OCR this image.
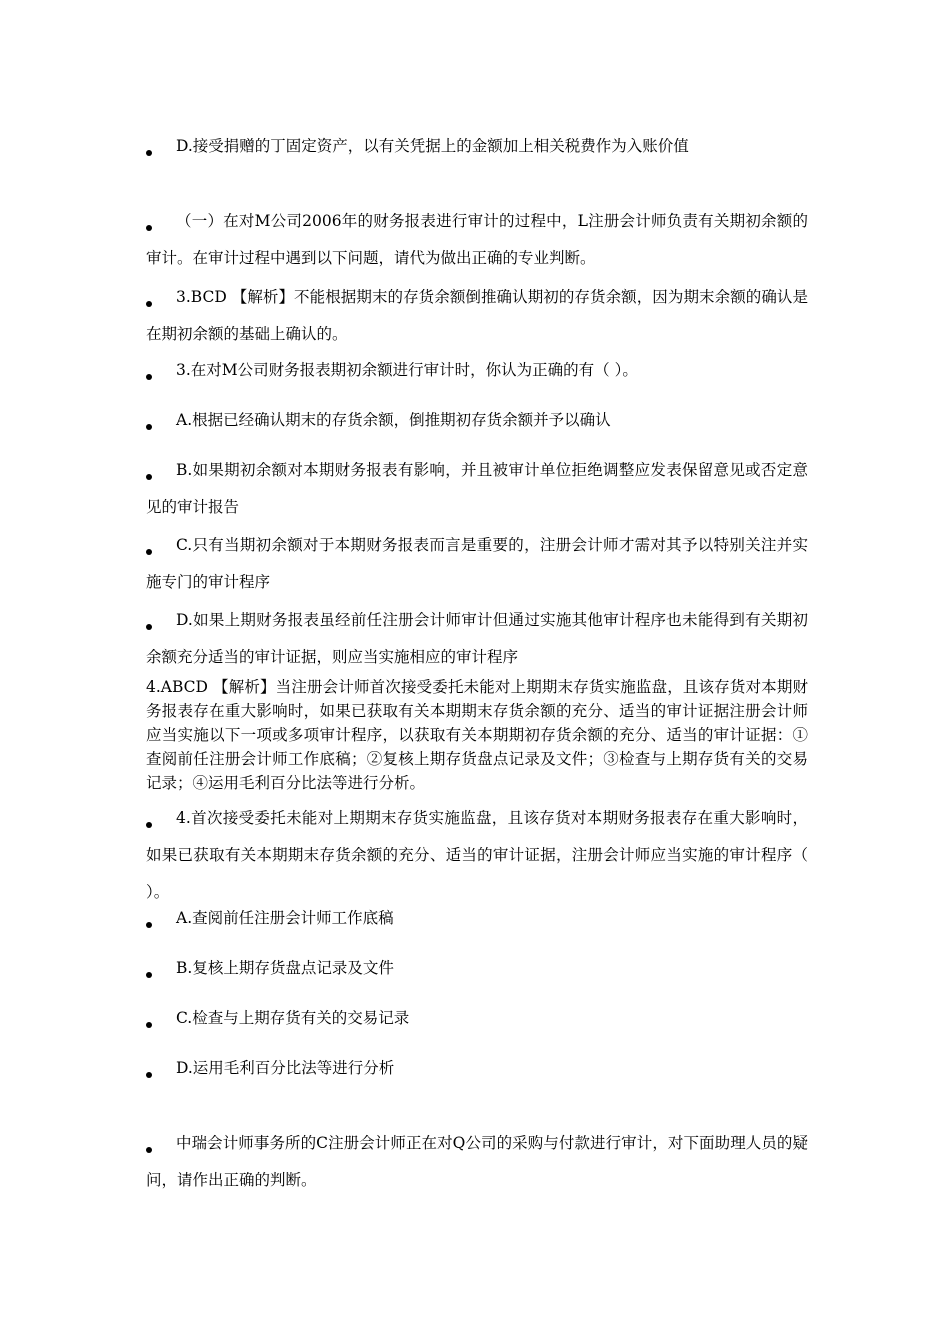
D.接受捐赠的丁固定资产，以有关凭据上的金额加上相关税费作为入账价值
（一）在对M公司2006年的财务报表进行审计的过程中，L注册会计师负责有关期初余额的审计。在审计过程中遇到以下问题，请代为做出正确的专业判断。
3.BCD 【解析】不能根据期末的存货余额倒推确认期初的存货余额，因为期末余额的确认是在期初余额的基础上确认的。
3.在对M公司财务报表期初余额进行审计时，你认为正确的有（ ）。
A.根据已经确认期末的存货余额，倒推期初存货余额并予以确认
B.如果期初余额对本期财务报表有影响，并且被审计单位拒绝调整应发表保留意见或否定意见的审计报告
C.只有当期初余额对于本期财务报表而言是重要的，注册会计师才需对其予以特别关注并实施专门的审计程序
D.如果上期财务报表虽经前任注册会计师审计但通过实施其他审计程序也未能得到有关期初余额充分适当的审计证据，则应当实施相应的审计程序
4.ABCD 【解析】当注册会计师首次接受委托未能对上期期末存货实施监盘，且该存货对本期财务报表存在重大影响时，如果已获取有关本期期末存货余额的充分、适当的审计证据注册会计师应当实施以下一项或多项审计程序，以获取有关本期期初存货余额的充分、适当的审计证据：①查阅前任注册会计师工作底稿；②复核上期存货盘点记录及文件；③检查与上期存货有关的交易记录；④运用毛利百分比法等进行分析。
4.首次接受委托未能对上期期末存货实施监盘，且该存货对本期财务报表存在重大影响时，如果已获取有关本期期末存货余额的充分、适当的审计证据，注册会计师应当实施的审计程序（ ）。
A.查阅前任注册会计师工作底稿
B.复核上期存货盘点记录及文件
C.检查与上期存货有关的交易记录
D.运用毛利百分比法等进行分析
中瑞会计师事务所的C注册会计师正在对Q公司的采购与付款进行审计，对下面助理人员的疑问，请作出正确的判断。
